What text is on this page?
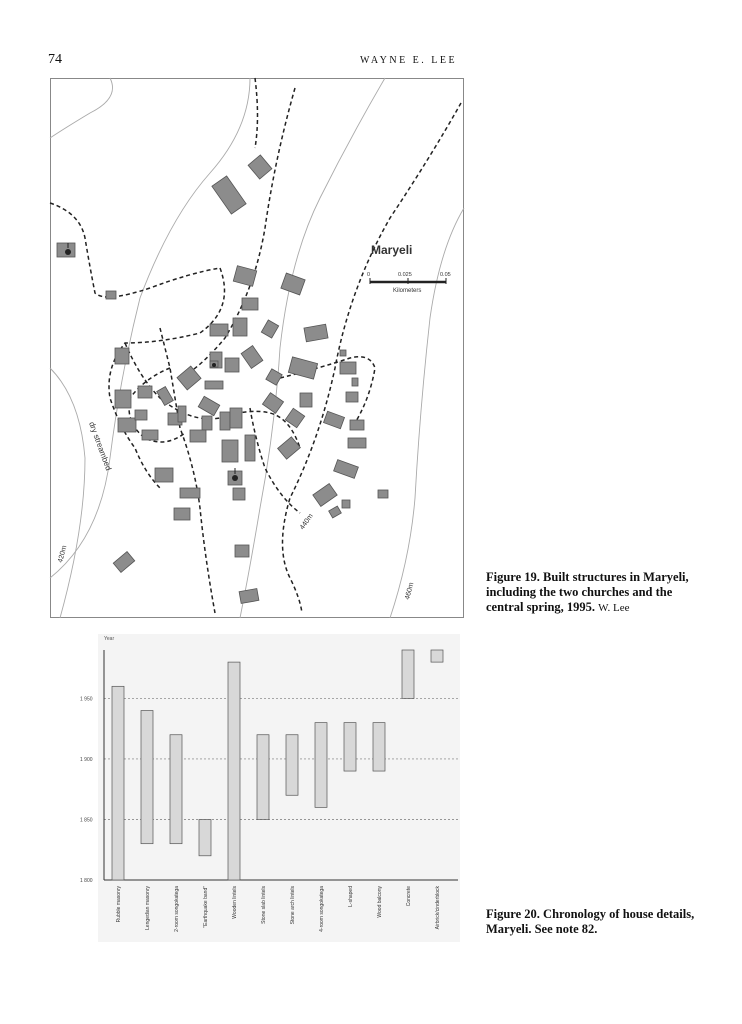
74	WAYNE E. LEE
Maryeli
0	0.025	0.05
Kilometers
dry streambed
420m
440m
460m
Figure 19. Built structures in Maryeli, including the two churches and the central spring, 1995. W. Lee
Year
1 800
1 850
1 900
1 950
Rubble masonry	Lengedian masonry	2-room songokatega	"Earthquake band"	Wooden lintels	Stone slab lintels	Stone arch lintels	4-room songokatega	L-shaped	Wood balcony	Concrete	Airbrick/cinderblock	Figure 20. Chronology of house details, Maryeli. See note 82.
